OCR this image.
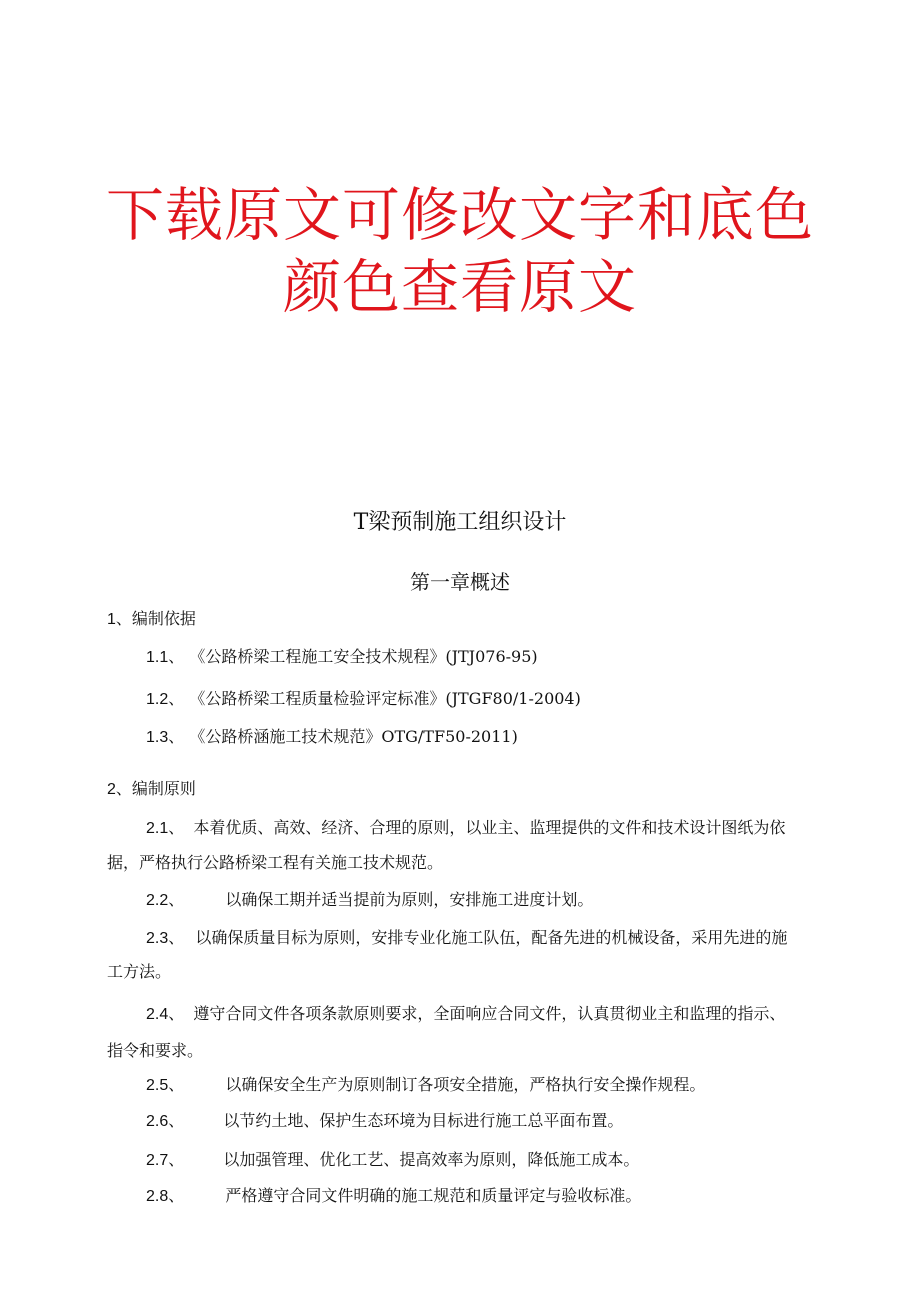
下载原文可修改文字和底色
颜色查看原文
T梁预制施工组织设计
第一章概述
1、编制依据
1.1、 《公路桥梁工程施工安全技术规程》(JTJ076-95)
1.2、 《公路桥梁工程质量检验评定标准》(JTGF80/1-2004)
1.3、 《公路桥涵施工技术规范》OTG/TF50-2011)
2、编制原则
2.1、 本着优质、高效、经济、合理的原则，以业主、监理提供的文件和技术设计图纸为依
据，严格执行公路桥梁工程有关施工技术规范。
2.2、	以确保工期并适当提前为原则，安排施工进度计划。
2.3、 以确保质量目标为原则，安排专业化施工队伍，配备先进的机械设备，采用先进的施
工方法。
2.4、 遵守合同文件各项条款原则要求，全面响应合同文件，认真贯彻业主和监理的指示、
指令和要求。
2.5、	以确保安全生产为原则制订各项安全措施，严格执行安全操作规程。
2.6、 以节约土地、保护生态环境为目标进行施工总平面布置。
2.7、 以加强管理、优化工艺、提高效率为原则，降低施工成本。
2.8、	严格遵守合同文件明确的施工规范和质量评定与验收标准。
